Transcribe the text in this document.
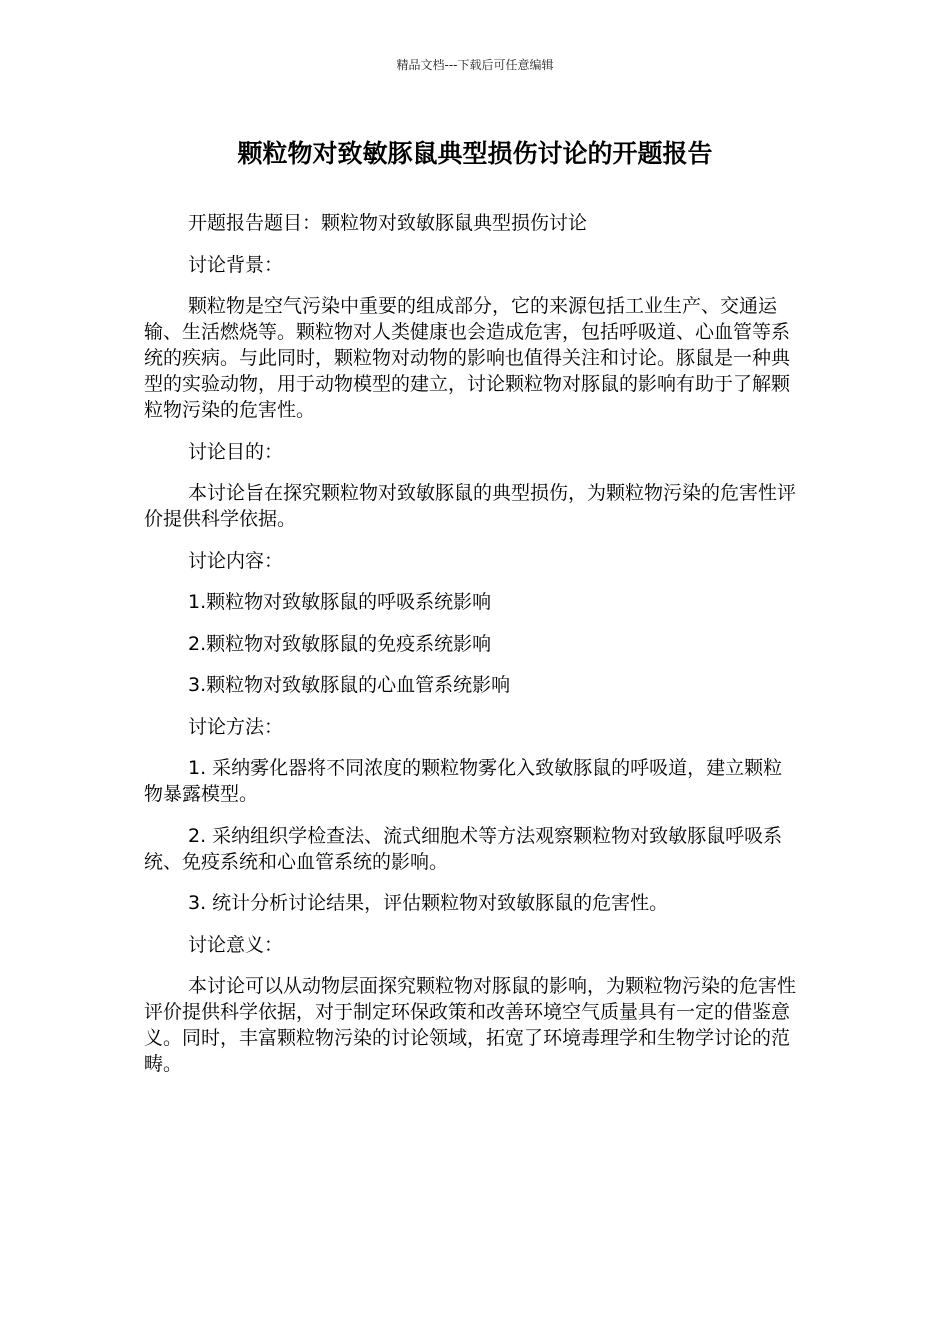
精品文档---下载后可任意编辑
颗粒物对致敏豚鼠典型损伤讨论的开题报告

开题报告题目：颗粒物对致敏豚鼠典型损伤讨论

讨论背景：

颗粒物是空气污染中重要的组成部分，它的来源包括工业生产、交通运输、生活燃烧等。颗粒物对人类健康也会造成危害，包括呼吸道、心血管等系统的疾病。与此同时，颗粒物对动物的影响也值得关注和讨论。豚鼠是一种典型的实验动物，用于动物模型的建立，讨论颗粒物对豚鼠的影响有助于了解颗粒物污染的危害性。

讨论目的：

本讨论旨在探究颗粒物对致敏豚鼠的典型损伤，为颗粒物污染的危害性评价提供科学依据。

讨论内容：

1.颗粒物对致敏豚鼠的呼吸系统影响

2.颗粒物对致敏豚鼠的免疫系统影响

3.颗粒物对致敏豚鼠的心血管系统影响

讨论方法：

1. 采纳雾化器将不同浓度的颗粒物雾化入致敏豚鼠的呼吸道，建立颗粒物暴露模型。

2. 采纳组织学检查法、流式细胞术等方法观察颗粒物对致敏豚鼠呼吸系统、免疫系统和心血管系统的影响。

3. 统计分析讨论结果，评估颗粒物对致敏豚鼠的危害性。

讨论意义：

本讨论可以从动物层面探究颗粒物对豚鼠的影响，为颗粒物污染的危害性评价提供科学依据，对于制定环保政策和改善环境空气质量具有一定的借鉴意义。同时，丰富颗粒物污染的讨论领域，拓宽了环境毒理学和生物学讨论的范畴。
